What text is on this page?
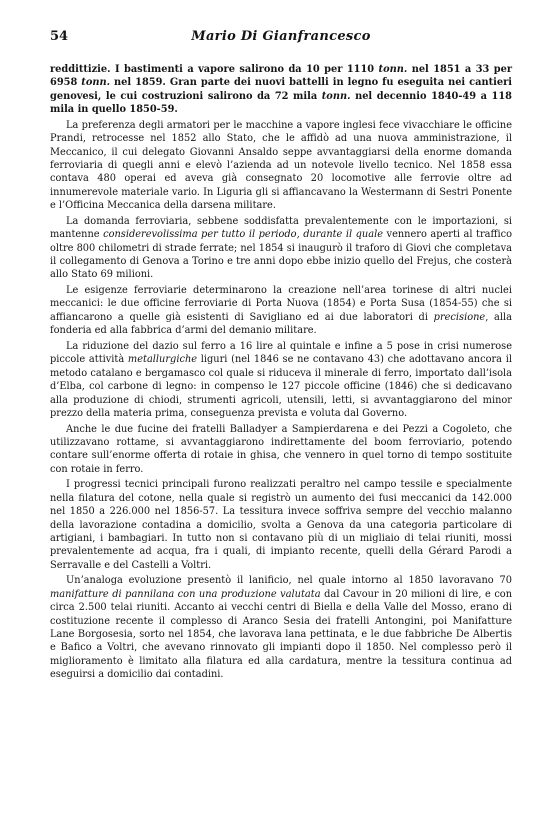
54	Mario Di Gianfrancesco

reddittizie. I bastimenti a vapore salirono da 10 per 1110 tonn. nel 1851 a 33 per 6958 tonn. nel 1859. Gran parte dei nuovi battelli in legno fu eseguita nei cantieri genovesi, le cui costruzioni salirono da 72 mila tonn. nel decennio 1840-49 a 118 mila in quello 1850-59.

La preferenza degli armatori per le macchine a vapore inglesi fece vivacchiare le officine Prandi, retrocesse nel 1852 allo Stato, che le affidò ad una nuova amministrazione, il Meccanico, il cui delegato Giovanni Ansaldo seppe avvantaggiarsi della enorme domanda ferroviaria di quegli anni e elevò l’azienda ad un notevole livello tecnico. Nel 1858 essa contava 480 operai ed aveva già consegnato 20 locomotive alle ferrovie oltre ad innumerevole materiale vario. In Liguria gli si affiancavano la Westermann di Sestri Ponente e l’Officina Meccanica della darsena militare.

La domanda ferroviaria, sebbene soddisfatta prevalentemente con le importazioni, si mantenne considerevolissima per tutto il periodo, durante il quale vennero aperti al traffico oltre 800 chilometri di strade ferrate; nel 1854 si inaugurò il traforo di Giovi che completava il collegamento di Genova a Torino e tre anni dopo ebbe inizio quello del Frejus, che costerà allo Stato 69 milioni.

Le esigenze ferroviarie determinarono la creazione nell’area torinese di altri nuclei meccanici: le due officine ferroviarie di Porta Nuova (1854) e Porta Susa (1854-55) che si affiancarono a quelle già esistenti di Savigliano ed ai due laboratori di precisione, alla fonderia ed alla fabbrica d’armi del demanio militare.

La riduzione del dazio sul ferro a 16 lire al quintale e infine a 5 pose in crisi numerose piccole attività metallurgiche liguri (nel 1846 se ne contavano 43) che adottavano ancora il metodo catalano e bergamasco col quale si riduceva il minerale di ferro, importato dall’isola d’Elba, col carbone di legno: in compenso le 127 piccole officine (1846) che si dedicavano alla produzione di chiodi, strumenti agricoli, utensili, letti, si avvantaggiarono del minor prezzo della materia prima, conseguenza prevista e voluta dal Governo.

Anche le due fucine dei fratelli Balladyer a Sampierdarena e dei Pezzi a Cogoleto, che utilizzavano rottame, si avvantaggiarono indirettamente del boom ferroviario, potendo contare sull’enorme offerta di rotaie in ghisa, che vennero in quel torno di tempo sostituite con rotaie in ferro.

I progressi tecnici principali furono realizzati peraltro nel campo tessile e specialmente nella filatura del cotone, nella quale si registrò un aumento dei fusi meccanici da 142.000 nel 1850 a 226.000 nel 1856-57. La tessitura invece soffriva sempre del vecchio malanno della lavorazione contadina a domicilio, svolta a Genova da una categoria particolare di artigiani, i bambagiari. In tutto non si contavano più di un migliaio di telai riuniti, mossi prevalentemente ad acqua, fra i quali, di impianto recente, quelli della Gérard Parodi a Serravalle e del Castelli a Voltri.

Un’analoga evoluzione presentò il lanificio, nel quale intorno al 1850 lavoravano 70 manifatture di pannilana con una produzione valutata dal Cavour in 20 milioni di lire, e con circa 2.500 telai riuniti. Accanto ai vecchi centri di Biella e della Valle del Mosso, erano di costituzione recente il complesso di Aranco Sesia dei fratelli Antongini, poi Manifatture Lane Borgosesia, sorto nel 1854, che lavorava lana pettinata, e le due fabbriche De Albertis e Bafico a Voltri, che avevano rinnovato gli impianti dopo il 1850. Nel complesso però il miglioramento è limitato alla filatura ed alla cardatura, mentre la tessitura continua ad eseguirsi a domicilio dai contadini.
